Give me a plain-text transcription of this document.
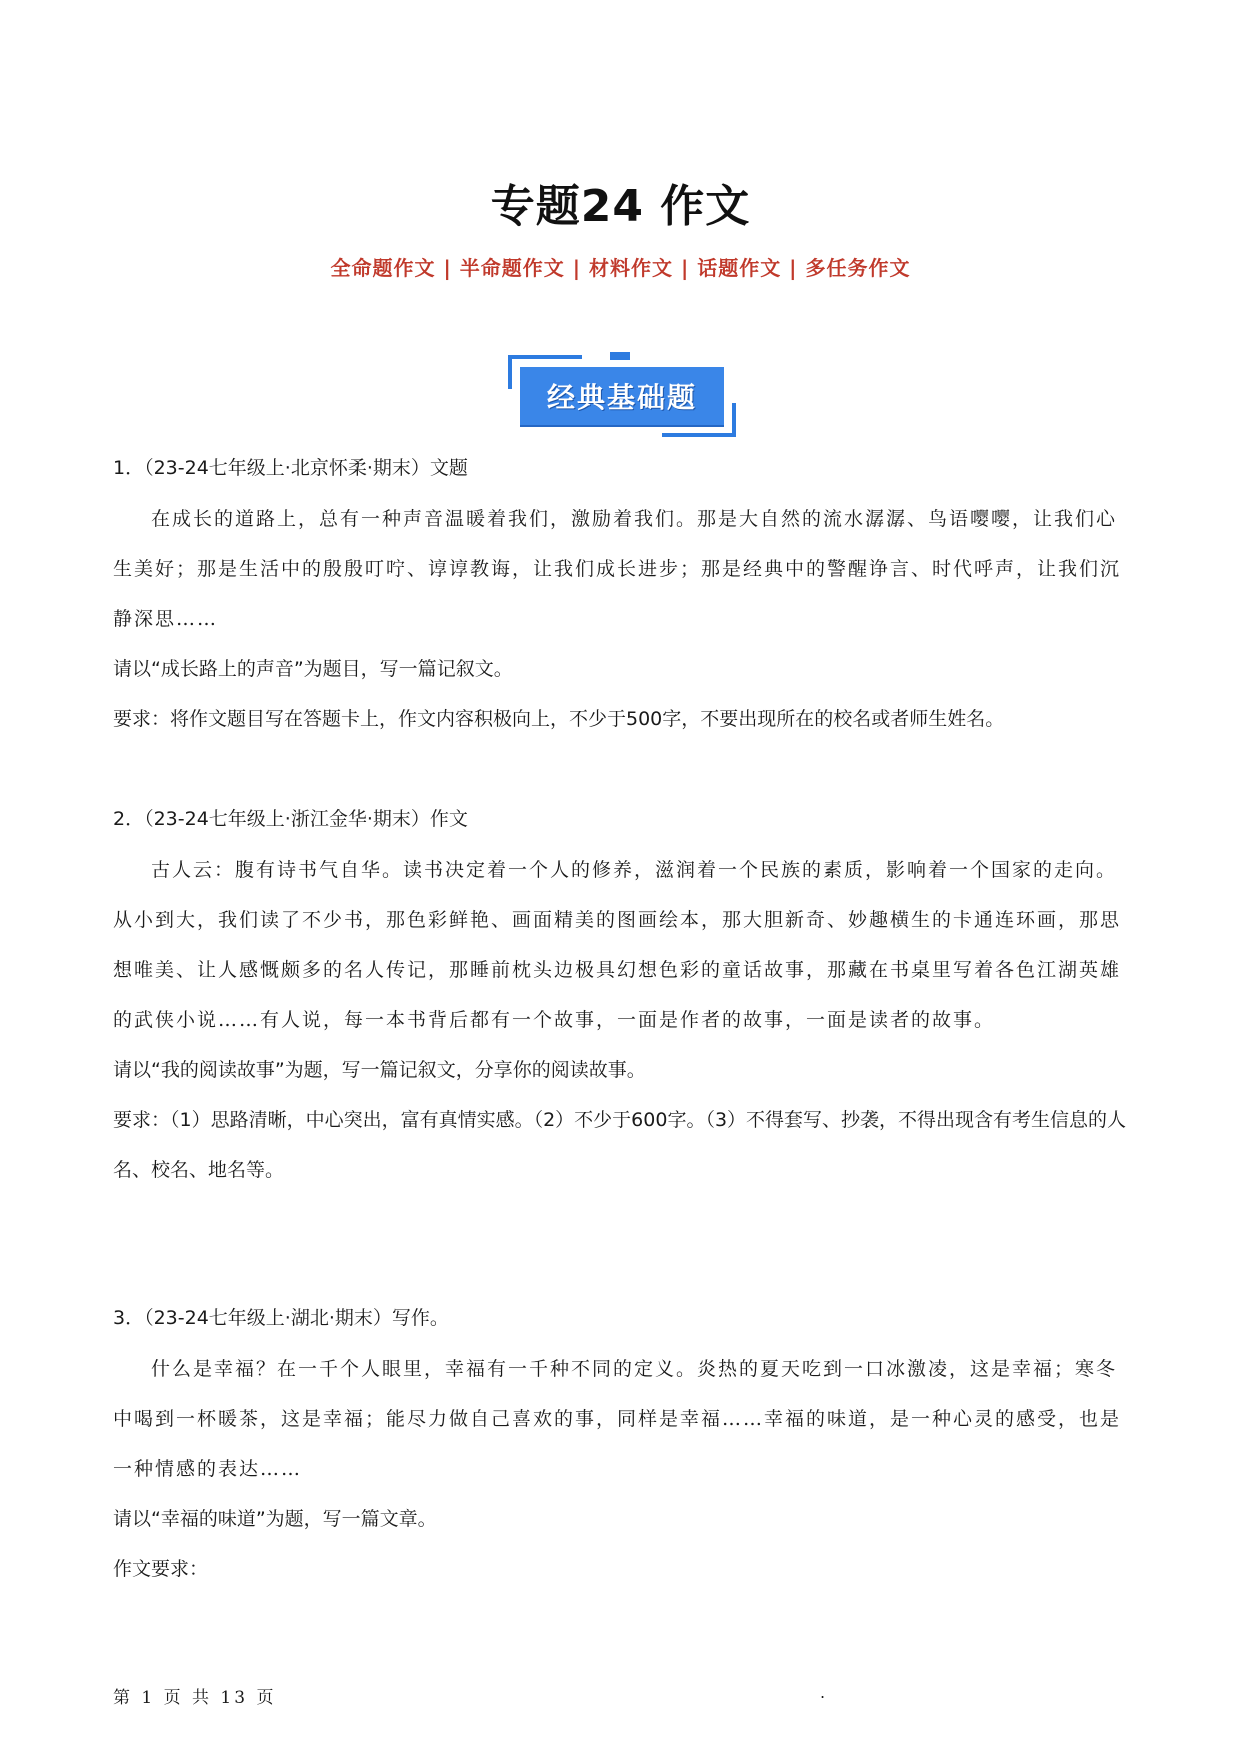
专题24 作文
全命题作文 | 半命题作文 | 材料作文 | 话题作文 | 多任务作文
经典基础题

1．（23-24七年级上·北京怀柔·期末）文题

在成长的道路上，总有一种声音温暖着我们，激励着我们。那是大自然的流水潺潺、鸟语嘤嘤，让我们心生美好；那是生活中的殷殷叮咛、谆谆教诲，让我们成长进步；那是经典中的警醒诤言、时代呼声，让我们沉静深思……

请以“成长路上的声音”为题目，写一篇记叙文。

要求：将作文题目写在答题卡上，作文内容积极向上，不少于500字，不要出现所在的校名或者师生姓名。

2．（23-24七年级上·浙江金华·期末）作文

古人云：腹有诗书气自华。读书决定着一个人的修养，滋润着一个民族的素质，影响着一个国家的走向。从小到大，我们读了不少书，那色彩鲜艳、画面精美的图画绘本，那大胆新奇、妙趣横生的卡通连环画，那思想唯美、让人感慨颇多的名人传记，那睡前枕头边极具幻想色彩的童话故事，那藏在书桌里写着各色江湖英雄的武侠小说……有人说，每一本书背后都有一个故事，一面是作者的故事，一面是读者的故事。

请以“我的阅读故事”为题，写一篇记叙文，分享你的阅读故事。

要求：（1）思路清晰，中心突出，富有真情实感。（2）不少于600字。（3）不得套写、抄袭，不得出现含有考生信息的人名、校名、地名等。

3．（23-24七年级上·湖北·期末）写作。

什么是幸福？在一千个人眼里，幸福有一千种不同的定义。炎热的夏天吃到一口冰激凌，这是幸福；寒冬中喝到一杯暖茶，这是幸福；能尽力做自己喜欢的事，同样是幸福……幸福的味道，是一种心灵的感受，也是一种情感的表达……

请以“幸福的味道”为题，写一篇文章。

作文要求：

第 1 页 共 13 页	.
